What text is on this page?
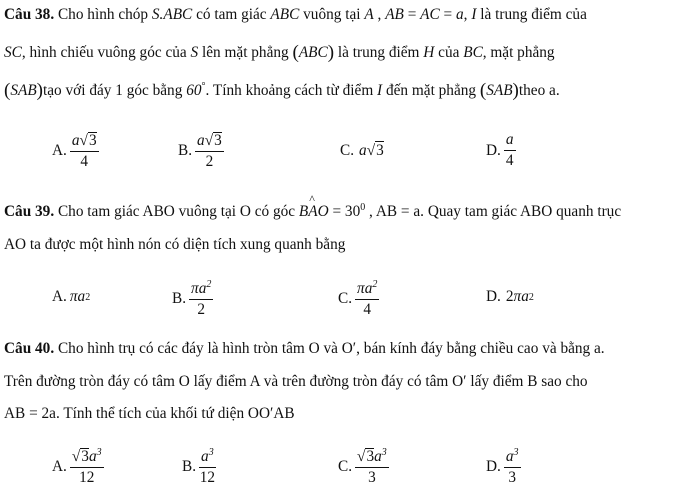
Câu 38. Cho hình chóp S.ABC có tam giác ABC vuông tại A , AB = AC = a, I là trung điểm của
SC, hình chiếu vuông góc của S lên mặt phẳng (ABC) là trung điểm H của BC, mặt phẳng
(SAB)tạo với đáy 1 góc bằng 60°. Tính khoảng cách từ điểm I đến mặt phẳng (SAB)theo a.
A. $\frac{a√3}{4}$	B. $\frac{a√3}{2}$	C. a √ 3	D. $\frac{a}{4}$
Câu 39. Cho tam giác ABO vuông tại O có góc B^ AO = $30^0$ , AB = a. Quay tam giác ABO quanh trục
AO ta được một hình nón có diện tích xung quanh bằng
A. π a 2	B. $\frac{\pi a^2}{2}$	C. $\frac{\pi a^2}{4}$	D. 2 π a 2
Câu 40. Cho hình trụ có các đáy là hình tròn tâm O và O′, bán kính đáy bằng chiều cao và bằng a.
Trên đường tròn đáy có tâm O lấy điểm A và trên đường tròn đáy có tâm O′ lấy điểm B sao cho
AB = 2a. Tính thể tích của khối tứ diện OO′AB
A. $\frac{√3a^3}{12}$	B. $\frac{a^3}{12}$	C. $\frac{√3a^3}{3}$	D. $\frac{a^3}{3}$
